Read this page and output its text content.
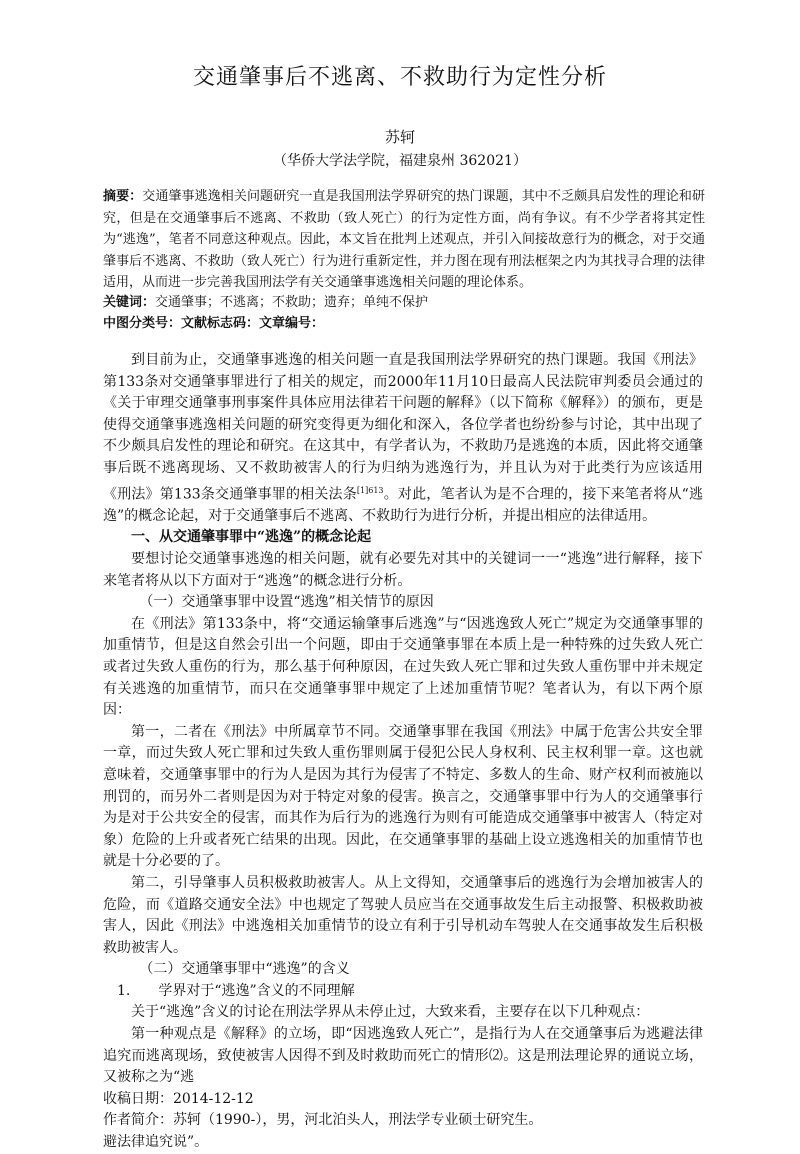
交通肇事后不逃离、不救助行为定性分析
苏轲
（华侨大学法学院，福建泉州 362021）
摘要：交通肇事逃逸相关问题研究一直是我国刑法学界研究的热门课题，其中不乏颇具启发性的理论和研究，但是在交通肇事后不逃离、不救助（致人死亡）的行为定性方面，尚有争议。有不少学者将其定性为“逃逸”，笔者不同意这种观点。因此，本文旨在批判上述观点，并引入间接故意行为的概念，对于交通肇事后不逃离、不救助（致人死亡）行为进行重新定性，并力图在现有刑法框架之内为其找寻合理的法律适用，从而进一步完善我国刑法学有关交通肇事逃逸相关问题的理论体系。
关键词：交通肇事；不逃离；不救助；遗弃；单纯不保护
中图分类号：文献标志码：文章编号：

到目前为止，交通肇事逃逸的相关问题一直是我国刑法学界研究的热门课题。我国《刑法》第133条对交通肇事罪进行了相关的规定，而2000年11月10日最高人民法院审判委员会通过的《关于审理交通肇事刑事案件具体应用法律若干问题的解释》（以下简称《解释》）的颁布，更是使得交通肇事逃逸相关问题的研究变得更为细化和深入，各位学者也纷纷参与讨论，其中出现了不少颇具启发性的理论和研究。在这其中，有学者认为，不救助乃是逃逸的本质，因此将交通肇事后既不逃离现场、又不救助被害人的行为归纳为逃逸行为，并且认为对于此类行为应该适用《刑法》第133条交通肇事罪的相关法条$^{[1]613}$。对此，笔者认为是不合理的，接下来笔者将从“逃逸”的概念论起，对于交通肇事后不逃离、不救助行为进行分析，并提出相应的法律适用。

一、从交通肇事罪中“逃逸”的概念论起

要想讨论交通肇事逃逸的相关问题，就有必要先对其中的关键词一一“逃逸”进行解释，接下来笔者将从以下方面对于“逃逸”的概念进行分析。

（一）交通肇事罪中设置“逃逸”相关情节的原因

在《刑法》第133条中，将“交通运输肇事后逃逸”与“因逃逸致人死亡”规定为交通肇事罪的加重情节，但是这自然会引出一个问题，即由于交通肇事罪在本质上是一种特殊的过失致人死亡或者过失致人重伤的行为，那么基于何种原因，在过失致人死亡罪和过失致人重伤罪中并未规定有关逃逸的加重情节，而只在交通肇事罪中规定了上述加重情节呢？笔者认为，有以下两个原因：

第一，二者在《刑法》中所属章节不同。交通肇事罪在我国《刑法》中属于危害公共安全罪一章，而过失致人死亡罪和过失致人重伤罪则属于侵犯公民人身权利、民主权利罪一章。这也就意味着，交通肇事罪中的行为人是因为其行为侵害了不特定、多数人的生命、财产权利而被施以刑罚的，而另外二者则是因为对于特定对象的侵害。换言之，交通肇事罪中行为人的交通肇事行为是对于公共安全的侵害，而其作为后行为的逃逸行为则有可能造成交通肇事中被害人（特定对象）危险的上升或者死亡结果的出现。因此，在交通肇事罪的基础上设立逃逸相关的加重情节也就是十分必要的了。

第二，引导肇事人员积极救助被害人。从上文得知，交通肇事后的逃逸行为会增加被害人的危险，而《道路交通安全法》中也规定了驾驶人员应当在交通事故发生后主动报警、积极救助被害人，因此《刑法》中逃逸相关加重情节的设立有利于引导机动车驾驶人在交通事故发生后积极救助被害人。

（二）交通肇事罪中“逃逸”的含义

1.　　学界对于“逃逸”含义的不同理解

关于“逃逸”含义的讨论在刑法学界从未停止过，大致来看，主要存在以下几种观点：

第一种观点是《解释》的立场，即“因逃逸致人死亡”，是指行为人在交通肇事后为逃避法律追究而逃离现场，致使被害人因得不到及时救助而死亡的情形⑵。这是刑法理论界的通说立场，又被称之为“逃

收稿日期：2014-12-12

作者简介：苏轲（1990-），男，河北泊头人，刑法学专业硕士研究生。

避法律追究说”。
